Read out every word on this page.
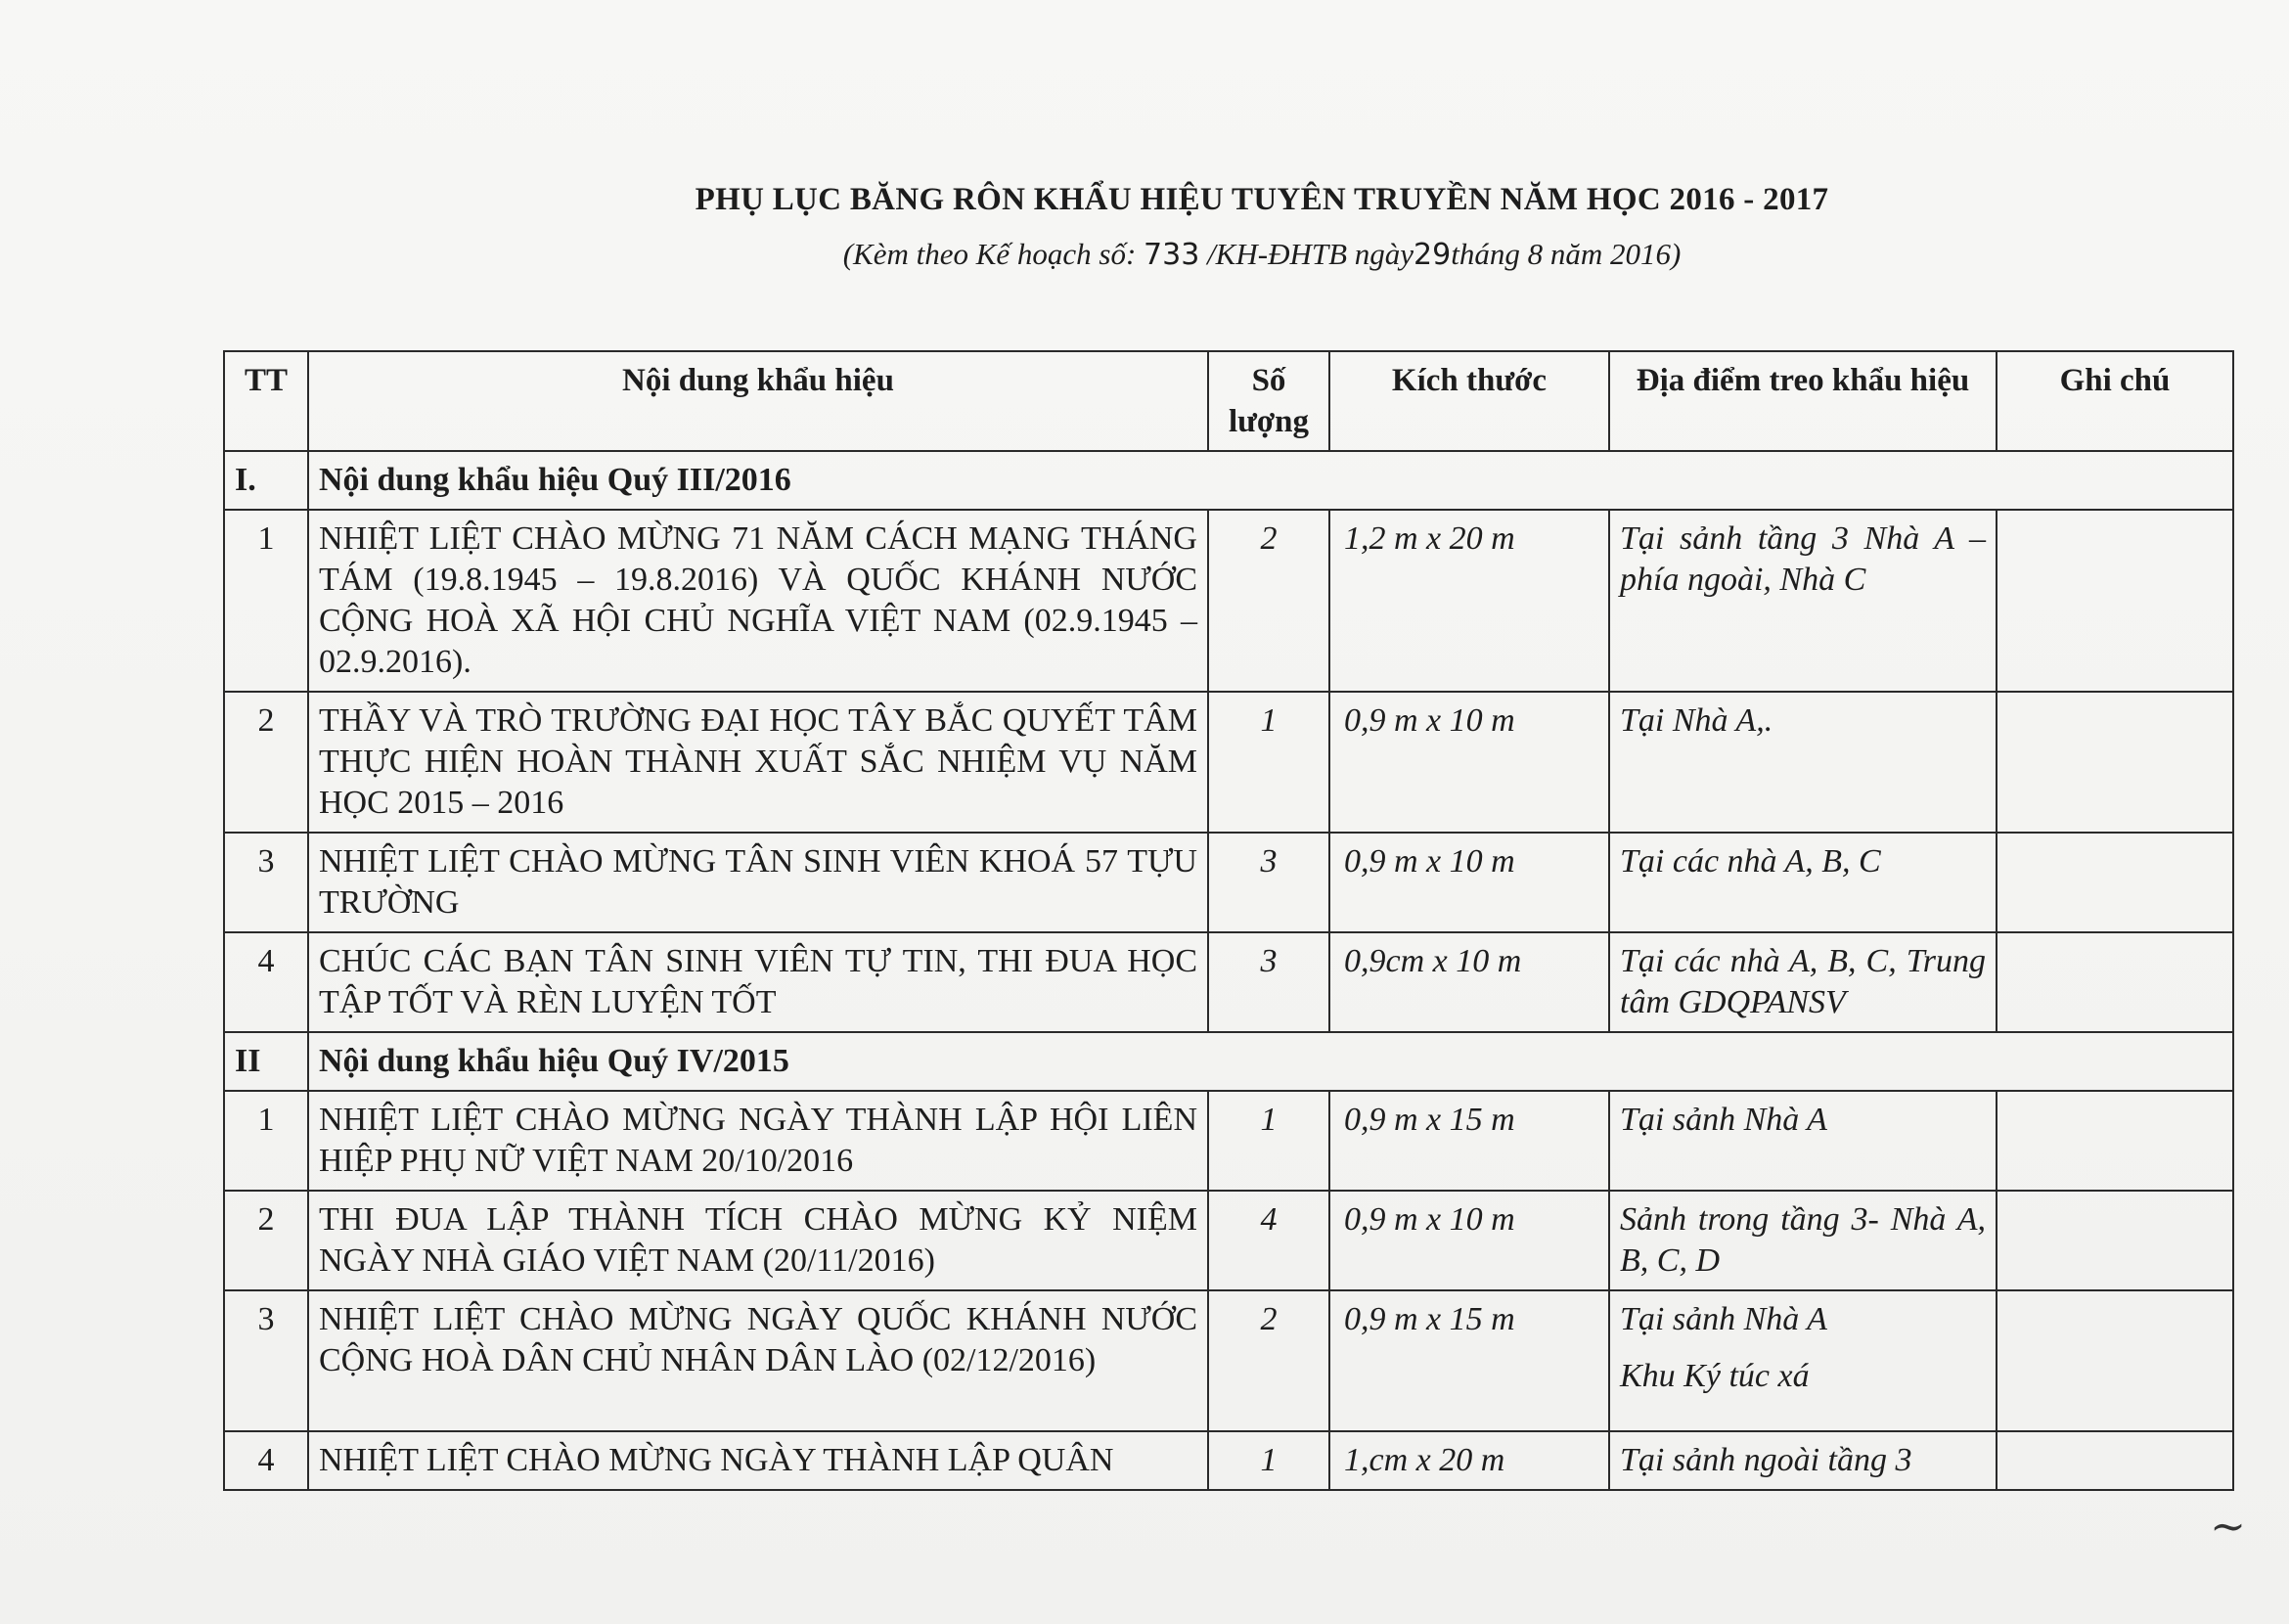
PHỤ LỤC BĂNG RÔN KHẨU HIỆU TUYÊN TRUYỀN NĂM HỌC 2016 - 2017
(Kèm theo Kế hoạch số: 733 /KH-ĐHTB ngày29tháng 8 năm 2016)
TT	Nội dung khẩu hiệu	Số lượng	Kích thước	Địa điểm treo khẩu hiệu	Ghi chú
I.	Nội dung khẩu hiệu Quý III/2016				
1	NHIỆT LIỆT CHÀO MỪNG 71 NĂM CÁCH MẠNG THÁNG TÁM (19.8.1945 – 19.8.2016) VÀ QUỐC KHÁNH NƯỚC CỘNG HOÀ XÃ HỘI CHỦ NGHĨA VIỆT NAM (02.9.1945 – 02.9.2016).	2	1,2 m x 20 m	Tại sảnh tầng 3 Nhà A – phía ngoài, Nhà C	
2	THẦY VÀ TRÒ TRƯỜNG ĐẠI HỌC TÂY BẮC QUYẾT TÂM THỰC HIỆN HOÀN THÀNH XUẤT SẮC NHIỆM VỤ NĂM HỌC 2015 – 2016	1	0,9 m x 10 m	Tại Nhà A,.	
3	NHIỆT LIỆT CHÀO MỪNG TÂN SINH VIÊN KHOÁ 57 TỰU TRƯỜNG	3	0,9 m x 10 m	Tại các nhà A, B, C	
4	CHÚC CÁC BẠN TÂN SINH VIÊN TỰ TIN, THI ĐUA HỌC TẬP TỐT VÀ RÈN LUYỆN TỐT	3	0,9cm x 10 m	Tại các nhà A, B, C, Trung tâm GDQPANSV	
II	Nội dung khẩu hiệu Quý IV/2015				
1	NHIỆT LIỆT CHÀO MỪNG NGÀY THÀNH LẬP HỘI LIÊN HIỆP PHỤ NỮ VIỆT NAM 20/10/2016	1	0,9 m x 15 m	Tại sảnh Nhà A	
2	THI ĐUA LẬP THÀNH TÍCH CHÀO MỪNG KỶ NIỆM NGÀY NHÀ GIÁO VIỆT NAM (20/11/2016)	4	0,9 m x 10 m	Sảnh trong tầng 3- Nhà A, B, C, D	
3	NHIỆT LIỆT CHÀO MỪNG NGÀY QUỐC KHÁNH NƯỚC CỘNG HOÀ DÂN CHỦ NHÂN DÂN LÀO (02/12/2016)	2	0,9 m x 15 m	Tại sảnh Nhà A
Khu Ký túc xá	

4	NHIỆT LIỆT CHÀO MỪNG NGÀY THÀNH LẬP QUÂN	1	1,cm x 20 m	Tại sảnh ngoài tầng 3	
~
